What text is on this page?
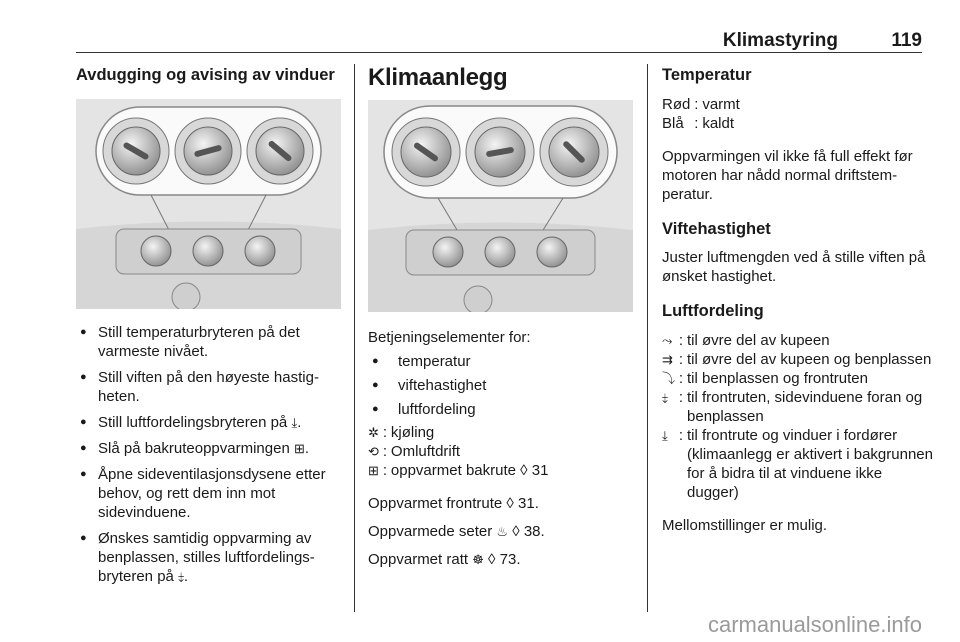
Klimastyring	119
Avdugging og avising av vinduer
● Still temperaturbryteren på det varmeste nivået.
● Still viften på den høyeste hastig-heten.
● Still luftfordelingsbryteren på ⤓.
● Slå på bakruteoppvarmingen ⊞.
● Åpne sideventilasjonsdysene etter behov, og rett dem inn mot sidevinduene.
● Ønskes samtidig oppvarming av benplassen, stilles luftfordelings-bryteren på ⤈.
Klimaanlegg

Betjeningselementer for:

● temperatur
● viftehastighet
● luftfordeling
✲ : kjøling
⟲ : Omluftdrift
⊞ : oppvarmet bakrute ◊ 31

Oppvarmet frontrute ◊ 31.

Oppvarmede seter ♨ ◊ 38.

Oppvarmet ratt ☸ ◊ 73.

Temperatur
Rød : varmt
Blå : kaldt

Oppvarmingen vil ikke få full effekt før motoren har nådd normal driftstem-peratur.

Viftehastighet

Juster luftmengden ved å stille viften på ønsket hastighet.

Luftfordeling
⤳ : til øvre del av kupeen
⇉ : til øvre del av kupeen og benplassen
⤵ : til benplassen og frontruten
⤈ : til frontruten, sidevinduene foran og benplassen
⤓ : til frontrute og vinduer i fordører (klimaanlegg er aktivert i bakgrunnen for å bidra til at vinduene ikke dugger)

Mellomstillinger er mulig.

carmanualsonline.info
